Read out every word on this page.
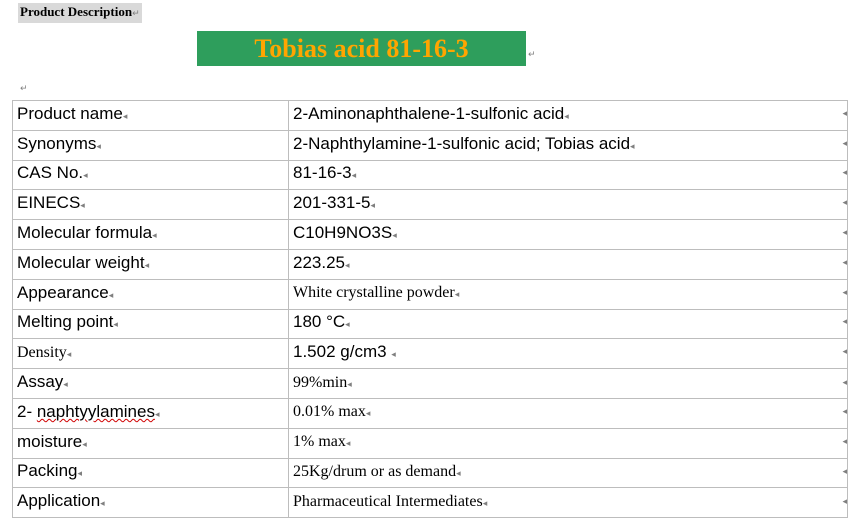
Product Description↵
Tobias acid 81-16-3	↵
↵
Product name◂	2-Aminonaphthalene-1-sulfonic acid◂ ◂

Synonyms◂	2-Naphthylamine-1-sulfonic acid; Tobias acid◂ ◂

CAS No.◂	81-16-3◂ ◂

EINECS◂	201-331-5◂ ◂

Molecular formula◂	C10H9NO3S◂ ◂

Molecular weight◂	223.25◂ ◂

Appearance◂	White crystalline powder◂ ◂

Melting point◂	180 °C◂ ◂

Density◂	1.502 g/cm3 ◂ ◂

Assay◂	99%min◂ ◂

2- naphtyylamines◂	0.01% max◂ ◂

moisture◂	1% max◂ ◂

Packing◂	25Kg/drum or as demand◂ ◂

Application◂	Pharmaceutical Intermediates◂ ◂
